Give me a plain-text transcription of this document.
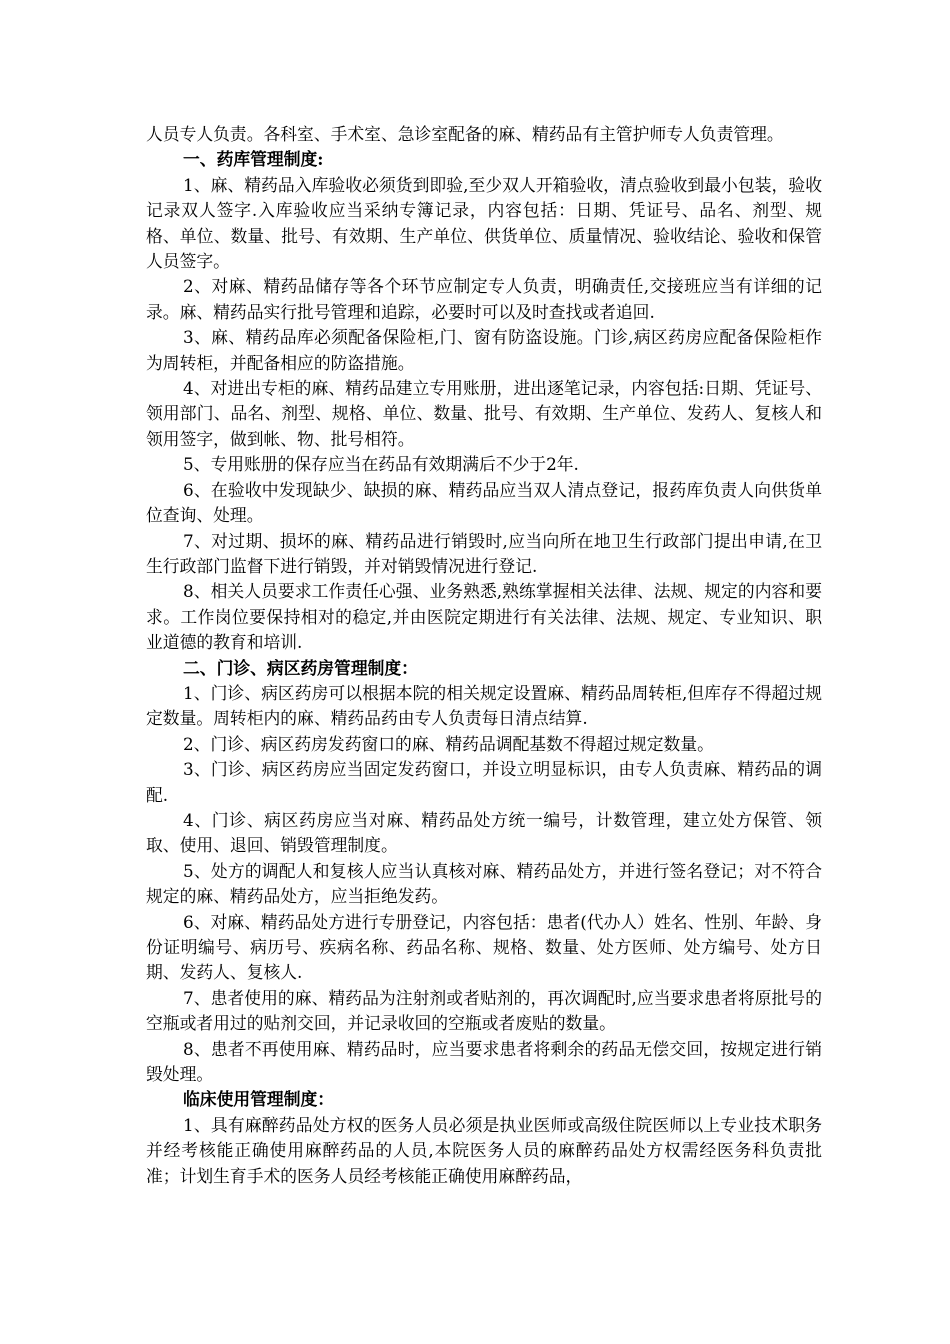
人员专人负责。各科室、手术室、急诊室配备的麻、精药品有主管护师专人负责管理。

一、药库管理制度:

1、麻、精药品入库验收必须货到即验,至少双人开箱验收，清点验收到最小包装，验收记录双人签字.入库验收应当采纳专簿记录，内容包括：日期、凭证号、品名、剂型、规格、单位、数量、批号、有效期、生产单位、供货单位、质量情况、验收结论、验收和保管人员签字。

2、对麻、精药品储存等各个环节应制定专人负责，明确责任,交接班应当有详细的记录。麻、精药品实行批号管理和追踪，必要时可以及时查找或者追回.

3、麻、精药品库必须配备保险柜,门、窗有防盗设施。门诊,病区药房应配备保险柜作为周转柜，并配备相应的防盗措施。

4、对进出专柜的麻、精药品建立专用账册，进出逐笔记录，内容包括:日期、凭证号、领用部门、品名、剂型、规格、单位、数量、批号、有效期、生产单位、发药人、复核人和领用签字，做到帐、物、批号相符。

5、专用账册的保存应当在药品有效期满后不少于2年.

6、在验收中发现缺少、缺损的麻、精药品应当双人清点登记，报药库负责人向供货单位查询、处理。

7、对过期、损坏的麻、精药品进行销毁时,应当向所在地卫生行政部门提出申请,在卫生行政部门监督下进行销毁，并对销毁情况进行登记.

8、相关人员要求工作责任心强、业务熟悉,熟练掌握相关法律、法规、规定的内容和要求。工作岗位要保持相对的稳定,并由医院定期进行有关法律、法规、规定、专业知识、职业道德的教育和培训.

二、门诊、病区药房管理制度：

1、门诊、病区药房可以根据本院的相关规定设置麻、精药品周转柜,但库存不得超过规定数量。周转柜内的麻、精药品药由专人负责每日清点结算.

2、门诊、病区药房发药窗口的麻、精药品调配基数不得超过规定数量。

3、门诊、病区药房应当固定发药窗口，并设立明显标识，由专人负责麻、精药品的调配.

4、门诊、病区药房应当对麻、精药品处方统一编号，计数管理，建立处方保管、领取、使用、退回、销毁管理制度。

5、处方的调配人和复核人应当认真核对麻、精药品处方，并进行签名登记；对不符合规定的麻、精药品处方，应当拒绝发药。

6、对麻、精药品处方进行专册登记，内容包括：患者(代办人）姓名、性别、年龄、身份证明编号、病历号、疾病名称、药品名称、规格、数量、处方医师、处方编号、处方日期、发药人、复核人.

7、患者使用的麻、精药品为注射剂或者贴剂的，再次调配时,应当要求患者将原批号的空瓶或者用过的贴剂交回，并记录收回的空瓶或者废贴的数量。

8、患者不再使用麻、精药品时，应当要求患者将剩余的药品无偿交回，按规定进行销毁处理。

临床使用管理制度：

1、具有麻醉药品处方权的医务人员必须是执业医师或高级住院医师以上专业技术职务并经考核能正确使用麻醉药品的人员,本院医务人员的麻醉药品处方权需经医务科负责批准；计划生育手术的医务人员经考核能正确使用麻醉药品，
